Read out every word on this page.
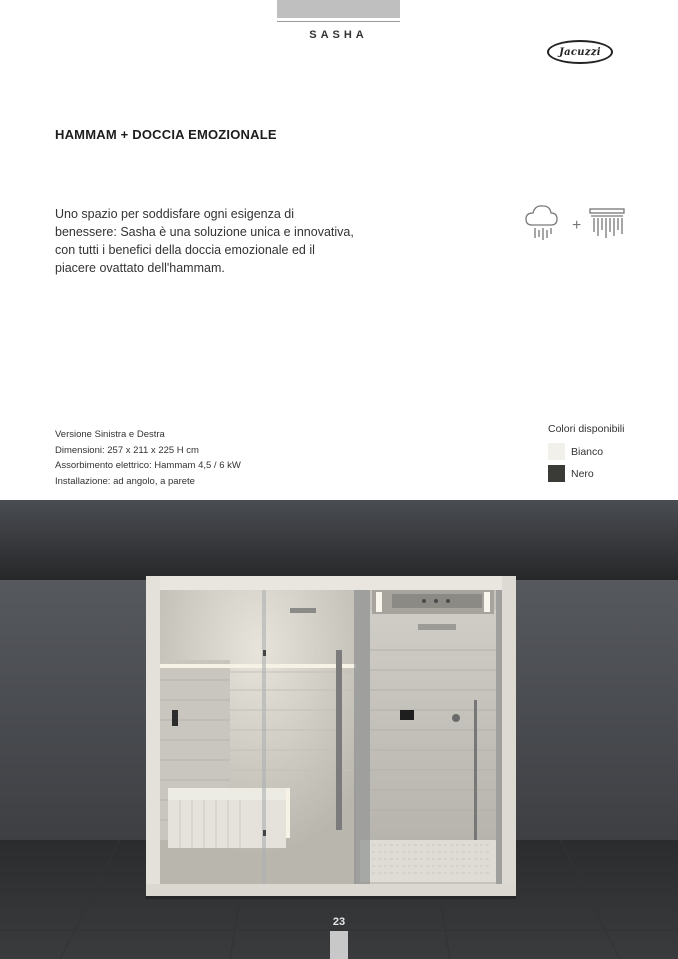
SASHA
Jacuzzi
HAMMAM + DOCCIA EMOZIONALE
Uno spazio per soddisfare ogni esigenza di benessere: Sasha è una soluzione unica e innovativa, con tutti i benefici della doccia emozionale ed il piacere ovattato dell'hammam.
+
Versione Sinistra e Destra
Dimensioni: 257 x 211 x 225 H cm
Assorbimento elettrico: Hammam 4,5 / 6 kW
Installazione: ad angolo, a parete
Colori disponibili
Bianco
Nero
23
